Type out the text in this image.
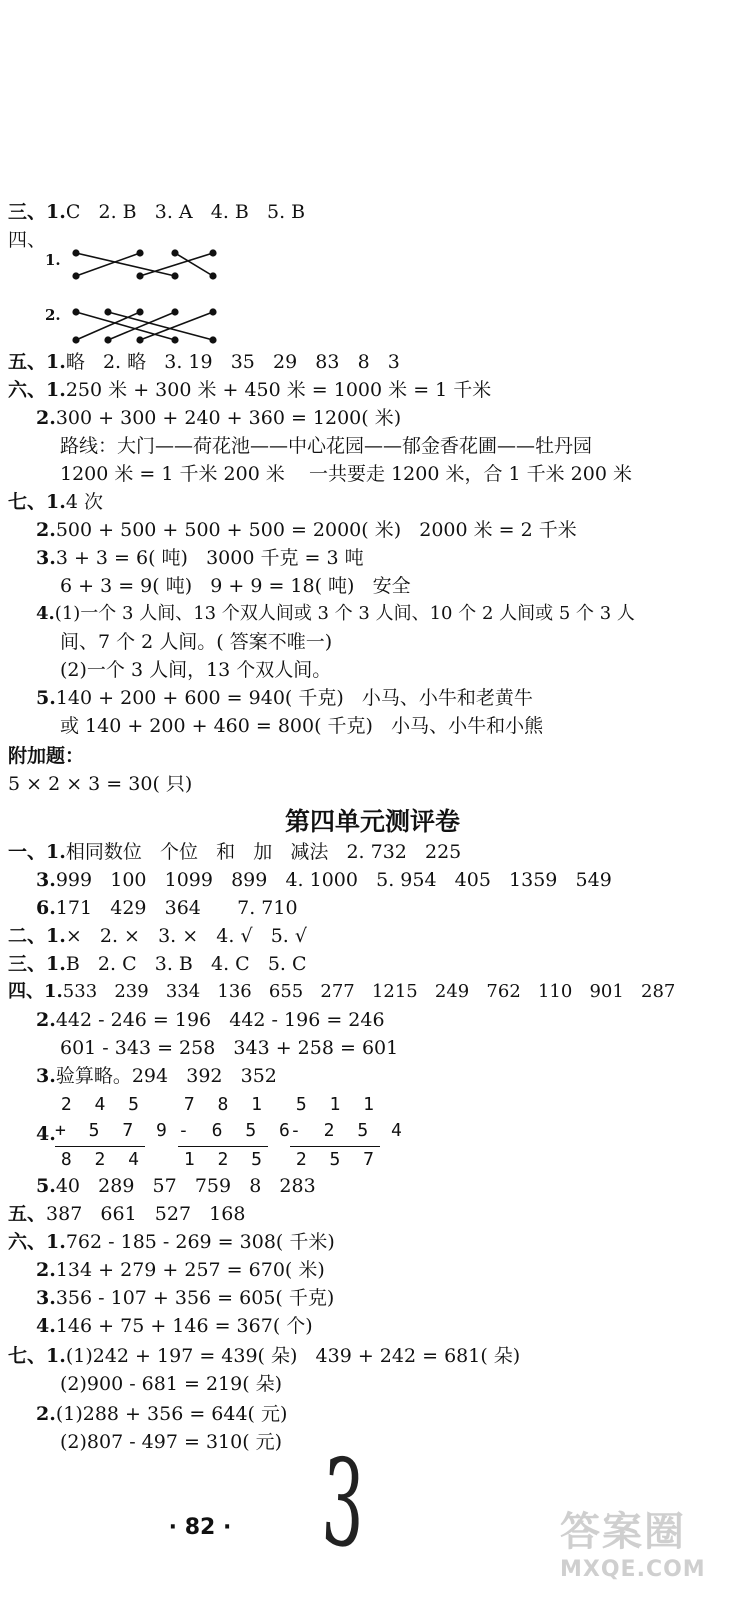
三、1.C   2. B   3. A   4. B   5. B
四、
1.
2.
五、1.略   2. 略   3. 19   35   29   83   8   3
六、1.250 米 + 300 米 + 450 米 = 1000 米 = 1 千米
2.300 + 300 + 240 + 360 = 1200( 米)
路线：大门——荷花池——中心花园——郁金香花圃——牡丹园
1200 米 = 1 千米 200 米    一共要走 1200 米，合 1 千米 200 米
七、1.4 次
2.500 + 500 + 500 + 500 = 2000( 米)   2000 米 = 2 千米
3.3 + 3 = 6( 吨)   3000 千克 = 3 吨
6 + 3 = 9( 吨)   9 + 9 = 18( 吨)   安全
4.(1)一个 3 人间、13 个双人间或 3 个 3 人间、10 个 2 人间或 5 个 3 人
间、7 个 2 人间。( 答案不唯一)
(2)一个 3 人间，13 个双人间。
5.140 + 200 + 600 = 940( 千克)   小马、小牛和老黄牛
或 140 + 200 + 460 = 800( 千克)   小马、小牛和小熊
附加题：
5 × 2 × 3 = 30( 只)
第四单元测评卷
一、1.相同数位   个位   和   加   减法   2. 732   225
3.999   100   1099   899   4. 1000   5. 954   405   1359   549
6.171   429   364      7. 710
二、1.×   2. ×   3. ×   4. √   5. √
三、1.B   2. C   3. B   4. C   5. C
四、1.533   239   334   136   655   277   1215   249   762   110   901   287
2.442 - 246 = 196   442 - 196 = 246
601 - 343 = 258   343 + 258 = 601
3.验算略。294   392   352
4.
2 4 5
+ 5 7 9
8 2 4
7 8 1
- 6 5 6
1 2 5
5 1 1
- 2 5 4
2 5 7
5.40   289   57   759   8   283
五、387   661   527   168
六、1.762 - 185 - 269 = 308( 千米)
2.134 + 279 + 257 = 670( 米)
3.356 - 107 + 356 = 605( 千克)
4.146 + 75 + 146 = 367( 个)
七、1.(1)242 + 197 = 439( 朵)   439 + 242 = 681( 朵)
(2)900 - 681 = 219( 朵)
2.(1)288 + 356 = 644( 元)
(2)807 - 497 = 310( 元)
· 82 · 3	答案圈
MXQE.COM
